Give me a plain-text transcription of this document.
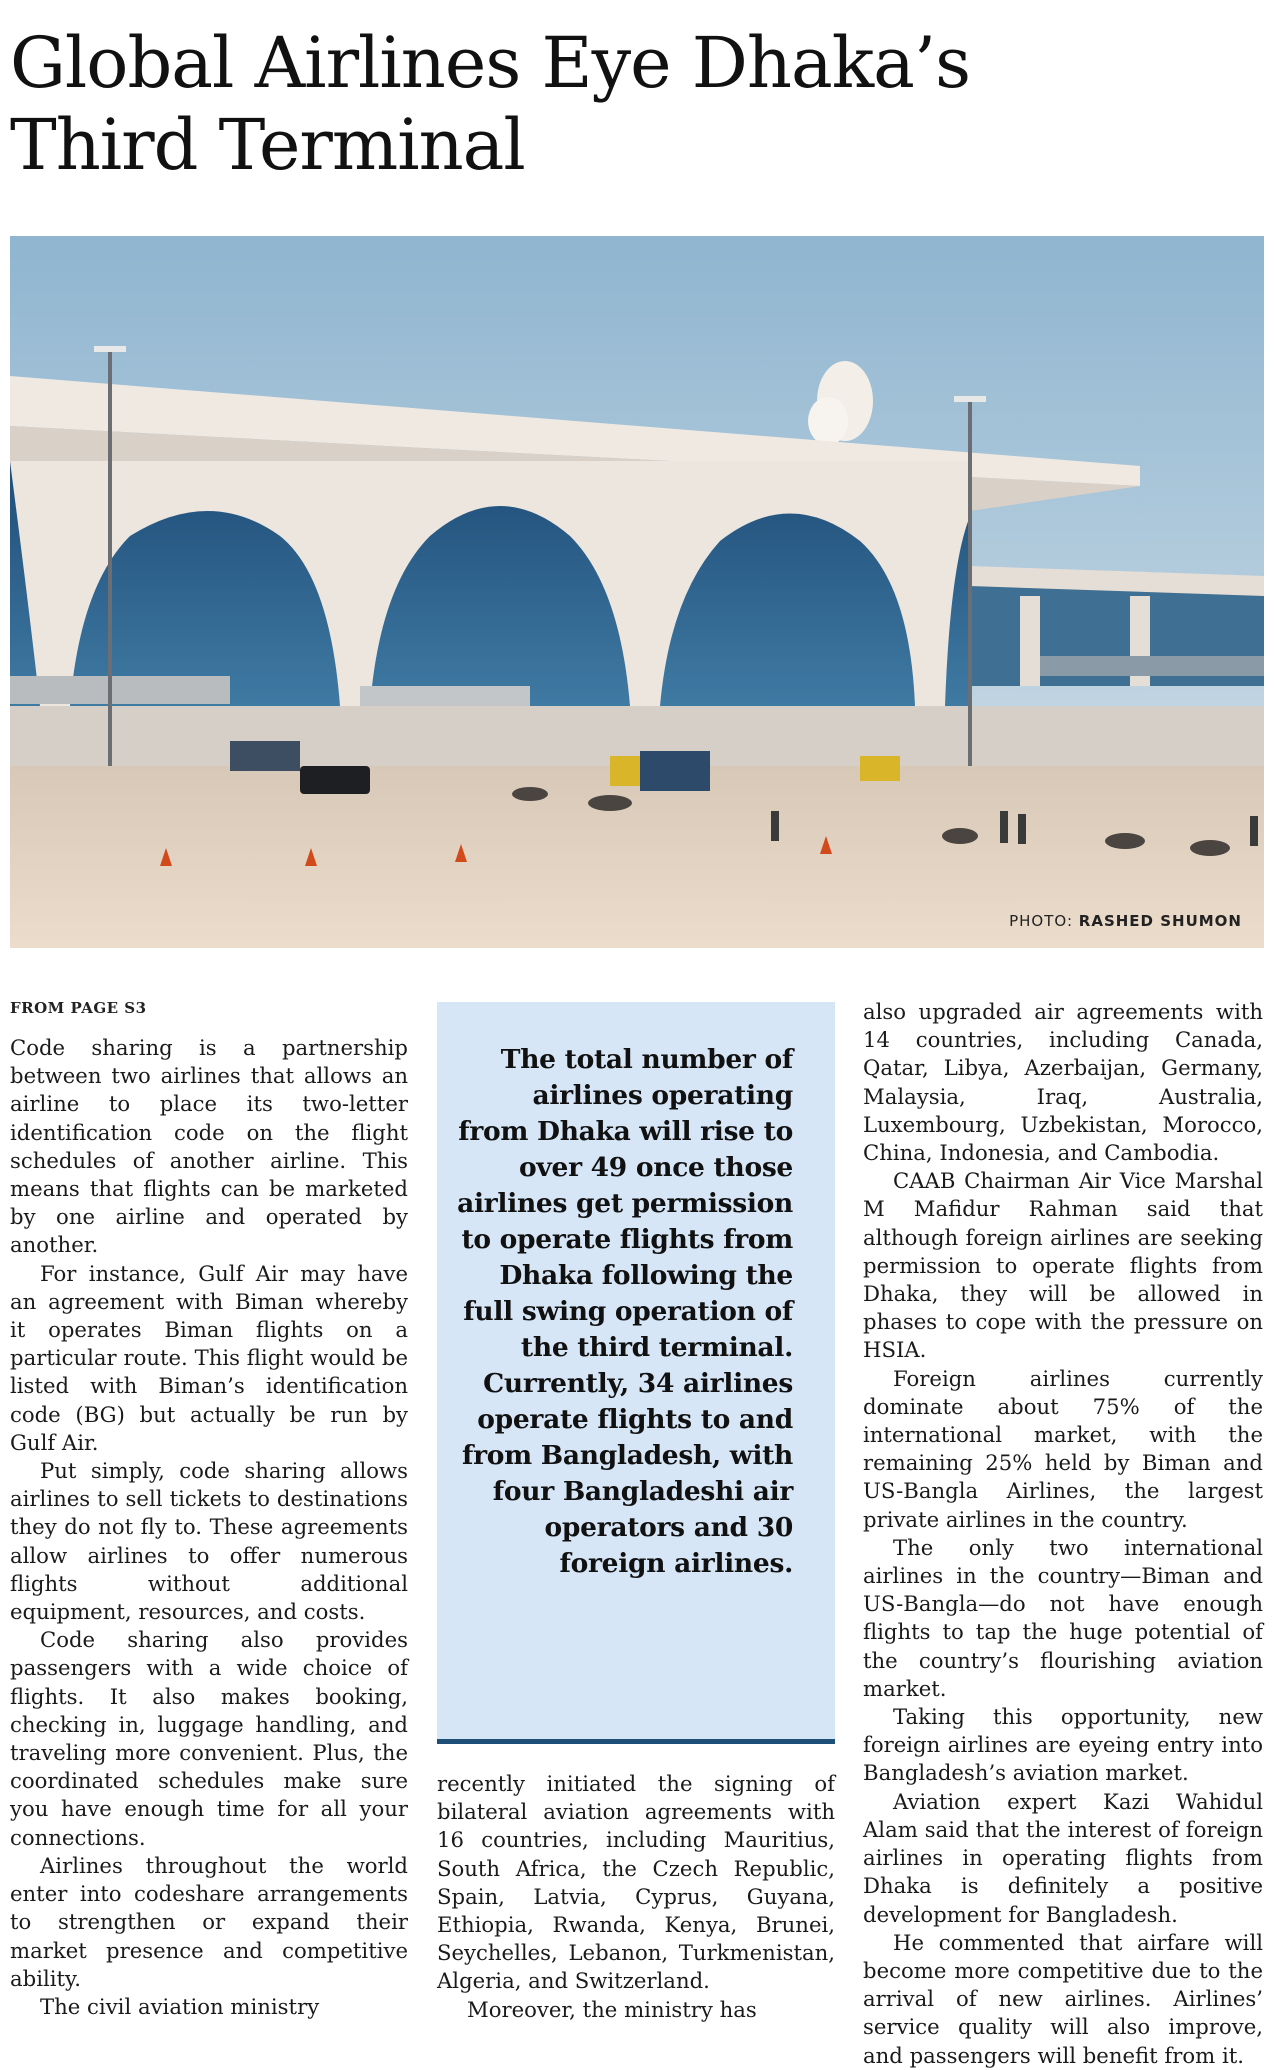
Global Airlines Eye Dhaka’s Third Terminal
PHOTO: RASHED SHUMON
FROM PAGE S3

Code sharing is a partnership between two airlines that allows an airline to place its two-letter identification code on the flight schedules of another airline. This means that flights can be marketed by one airline and operated by another.

For instance, Gulf Air may have an agreement with Biman whereby it operates Biman flights on a particular route. This flight would be listed with Biman’s identification code (BG) but actually be run by Gulf Air.

Put simply, code sharing allows airlines to sell tickets to destinations they do not fly to. These agreements allow airlines to offer numerous flights without additional equipment, resources, and costs.

Code sharing also provides passengers with a wide choice of flights. It also makes booking, checking in, luggage handling, and traveling more convenient. Plus, the coordinated schedules make sure you have enough time for all your connections.

Airlines throughout the world enter into codeshare arrangements to strengthen or expand their market presence and competitive ability.

The civil aviation ministry

The total number of airlines operating from Dhaka will rise to over 49 once those airlines get permission to operate flights from Dhaka following the full swing operation of the third terminal. Currently, 34 airlines operate flights to and from Bangladesh, with four Bangladeshi air operators and 30 foreign airlines.

recently initiated the signing of bilateral aviation agreements with 16 countries, including Mauritius, South Africa, the Czech Republic, Spain, Latvia, Cyprus, Guyana, Ethiopia, Rwanda, Kenya, Brunei, Seychelles, Lebanon, Turkmenistan, Algeria, and Switzerland.

Moreover, the ministry has

also upgraded air agreements with 14 countries, including Canada, Qatar, Libya, Azerbaijan, Germany, Malaysia, Iraq, Australia, Luxembourg, Uzbekistan, Morocco, China, Indonesia, and Cambodia.

CAAB Chairman Air Vice Marshal M Mafidur Rahman said that although foreign airlines are seeking permission to operate flights from Dhaka, they will be allowed in phases to cope with the pressure on HSIA.

Foreign airlines currently dominate about 75% of the international market, with the remaining 25% held by Biman and US-Bangla Airlines, the largest private airlines in the country.

The only two international airlines in the country—Biman and US-Bangla—do not have enough flights to tap the huge potential of the country’s flourishing aviation market.

Taking this opportunity, new foreign airlines are eyeing entry into Bangladesh’s aviation market.

Aviation expert Kazi Wahidul Alam said that the interest of foreign airlines in operating flights from Dhaka is definitely a positive development for Bangladesh.

He commented that airfare will become more competitive due to the arrival of new airlines. Airlines’ service quality will also improve, and passengers will benefit from it.
